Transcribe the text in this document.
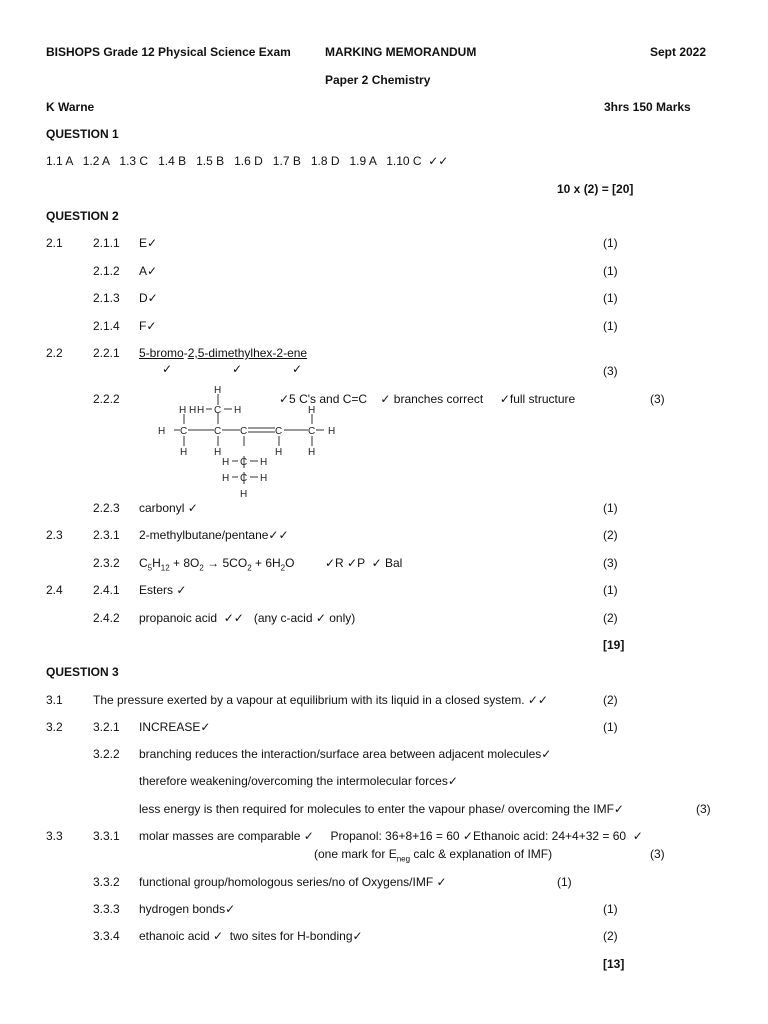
BISHOPS Grade 12 Physical Science Exam	MARKING MEMORANDUM	Sept 2022
Paper 2 Chemistry
K Warne	3hrs 150 Marks
QUESTION 1
1.1 A   1.2 A   1.3 C   1.4 B   1.5 B   1.6 D   1.7 B   1.8 D   1.9 A   1.10 C  ✓✓
10 x (2) = [20]
QUESTION 2
2.1	2.1.1 E✓	(1)
2.1.2 A✓	(1)
2.1.3 D✓	(1)
2.1.4 F✓	(1)
2.2	2.2.1 5-bromo-2,5-dimethylhex-2-ene
✓	✓	✓	(3)
2.2.2	✓5 C's and C=C    ✓ branches correct     ✓full structure	(3)
H
H H H C H	H
H C	C C	C	C H
H	H	H	H
H C H
H C H
H
2.2.3 carbonyl ✓	(1)
2.3	2.3.1 2-methylbutane/pentane✓✓	(2)
2.3.2 $C_5H_{12} + 8O_2 \to 5CO_2 + 6H_2O$	✓R ✓P  ✓ Bal	(3)
2.4	2.4.1 Esters ✓	(1)
2.4.2 propanoic acid  ✓✓   (any c-acid ✓ only)	(2)
[19]
QUESTION 3
3.1	The pressure exerted by a vapour at equilibrium with its liquid in a closed system. ✓✓	(2)
3.2	3.2.1 INCREASE✓	(1)
3.2.2 branching reduces the interaction/surface area between adjacent molecules✓
therefore weakening/overcoming the intermolecular forces✓
less energy is then required for molecules to enter the vapour phase/ overcoming the IMF✓	(3)
3.3	3.3.1 molar masses are comparable ✓     Propanol: 36+8+16 = 60 ✓Ethanoic acid: 24+4+32 = 60  ✓
(one mark for $E_{neg}$ calc & explanation of IMF)	(3)
3.3.2 functional group/homologous series/no of Oxygens/IMF ✓	(1)
3.3.3 hydrogen bonds✓	(1)
3.3.4 ethanoic acid ✓  two sites for H-bonding✓	(2)
[13]
